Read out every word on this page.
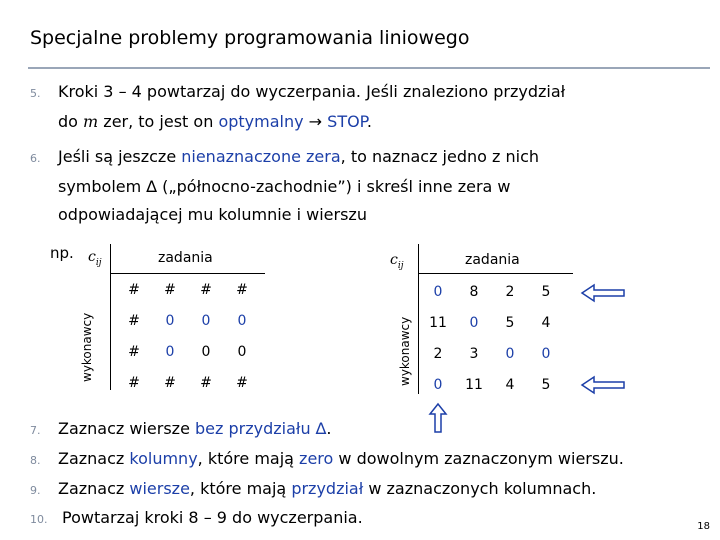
Specjalne problemy programowania liniowego
5. Kroki 3 – 4 powtarzaj do wyczerpania. Jeśli znaleziono przydział
do m zer, to jest on optymalny → STOP.
6. Jeśli są jeszcze nienaznaczone zera, to naznacz jedno z nich
symbolem ∆ („północno-zachodnie”) i skreśl inne zera w
odpowiadającej mu kolumnie i wierszu
np. $c_{ij}$	zadania
wykonawcy
#	#	#	#
#	0	0	0
#	0	0	0
#	#	#	#
$c_{ij}$	zadania
wykonawcy
0	8	2	5
11	0	5	4
2	3	0	0
0	11	4	5
7. Zaznacz wiersze bez przydziału ∆.
8. Zaznacz kolumny, które mają zero w dowolnym zaznaczonym wierszu.
9. Zaznacz wiersze, które mają przydział w zaznaczonych kolumnach.
10. Powtarzaj kroki 8 – 9 do wyczerpania.	18
